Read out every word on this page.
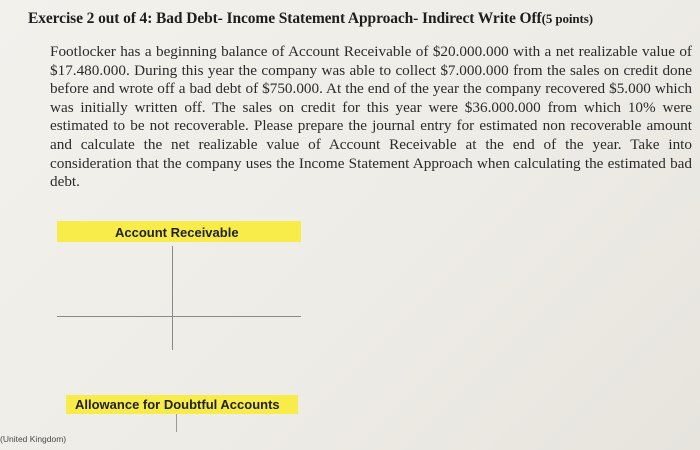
Exercise 2 out of 4: Bad Debt- Income Statement Approach- Indirect Write Off(5 points)
Footlocker has a beginning balance of Account Receivable of $20.000.000 with a net realizable value of $17.480.000. During this year the company was able to collect $7.000.000 from the sales on credit done before and wrote off a bad debt of $750.000. At the end of the year the company recovered $5.000 which was initially written off. The sales on credit for this year were $36.000.000 from which 10% were estimated to be not recoverable. Please prepare the journal entry for estimated non recoverable amount and calculate the net realizable value of Account Receivable at the end of the year. Take into consideration that the company uses the Income Statement Approach when calculating the estimated bad debt.
Account Receivable
Allowance for Doubtful Accounts
(United Kingdom)
